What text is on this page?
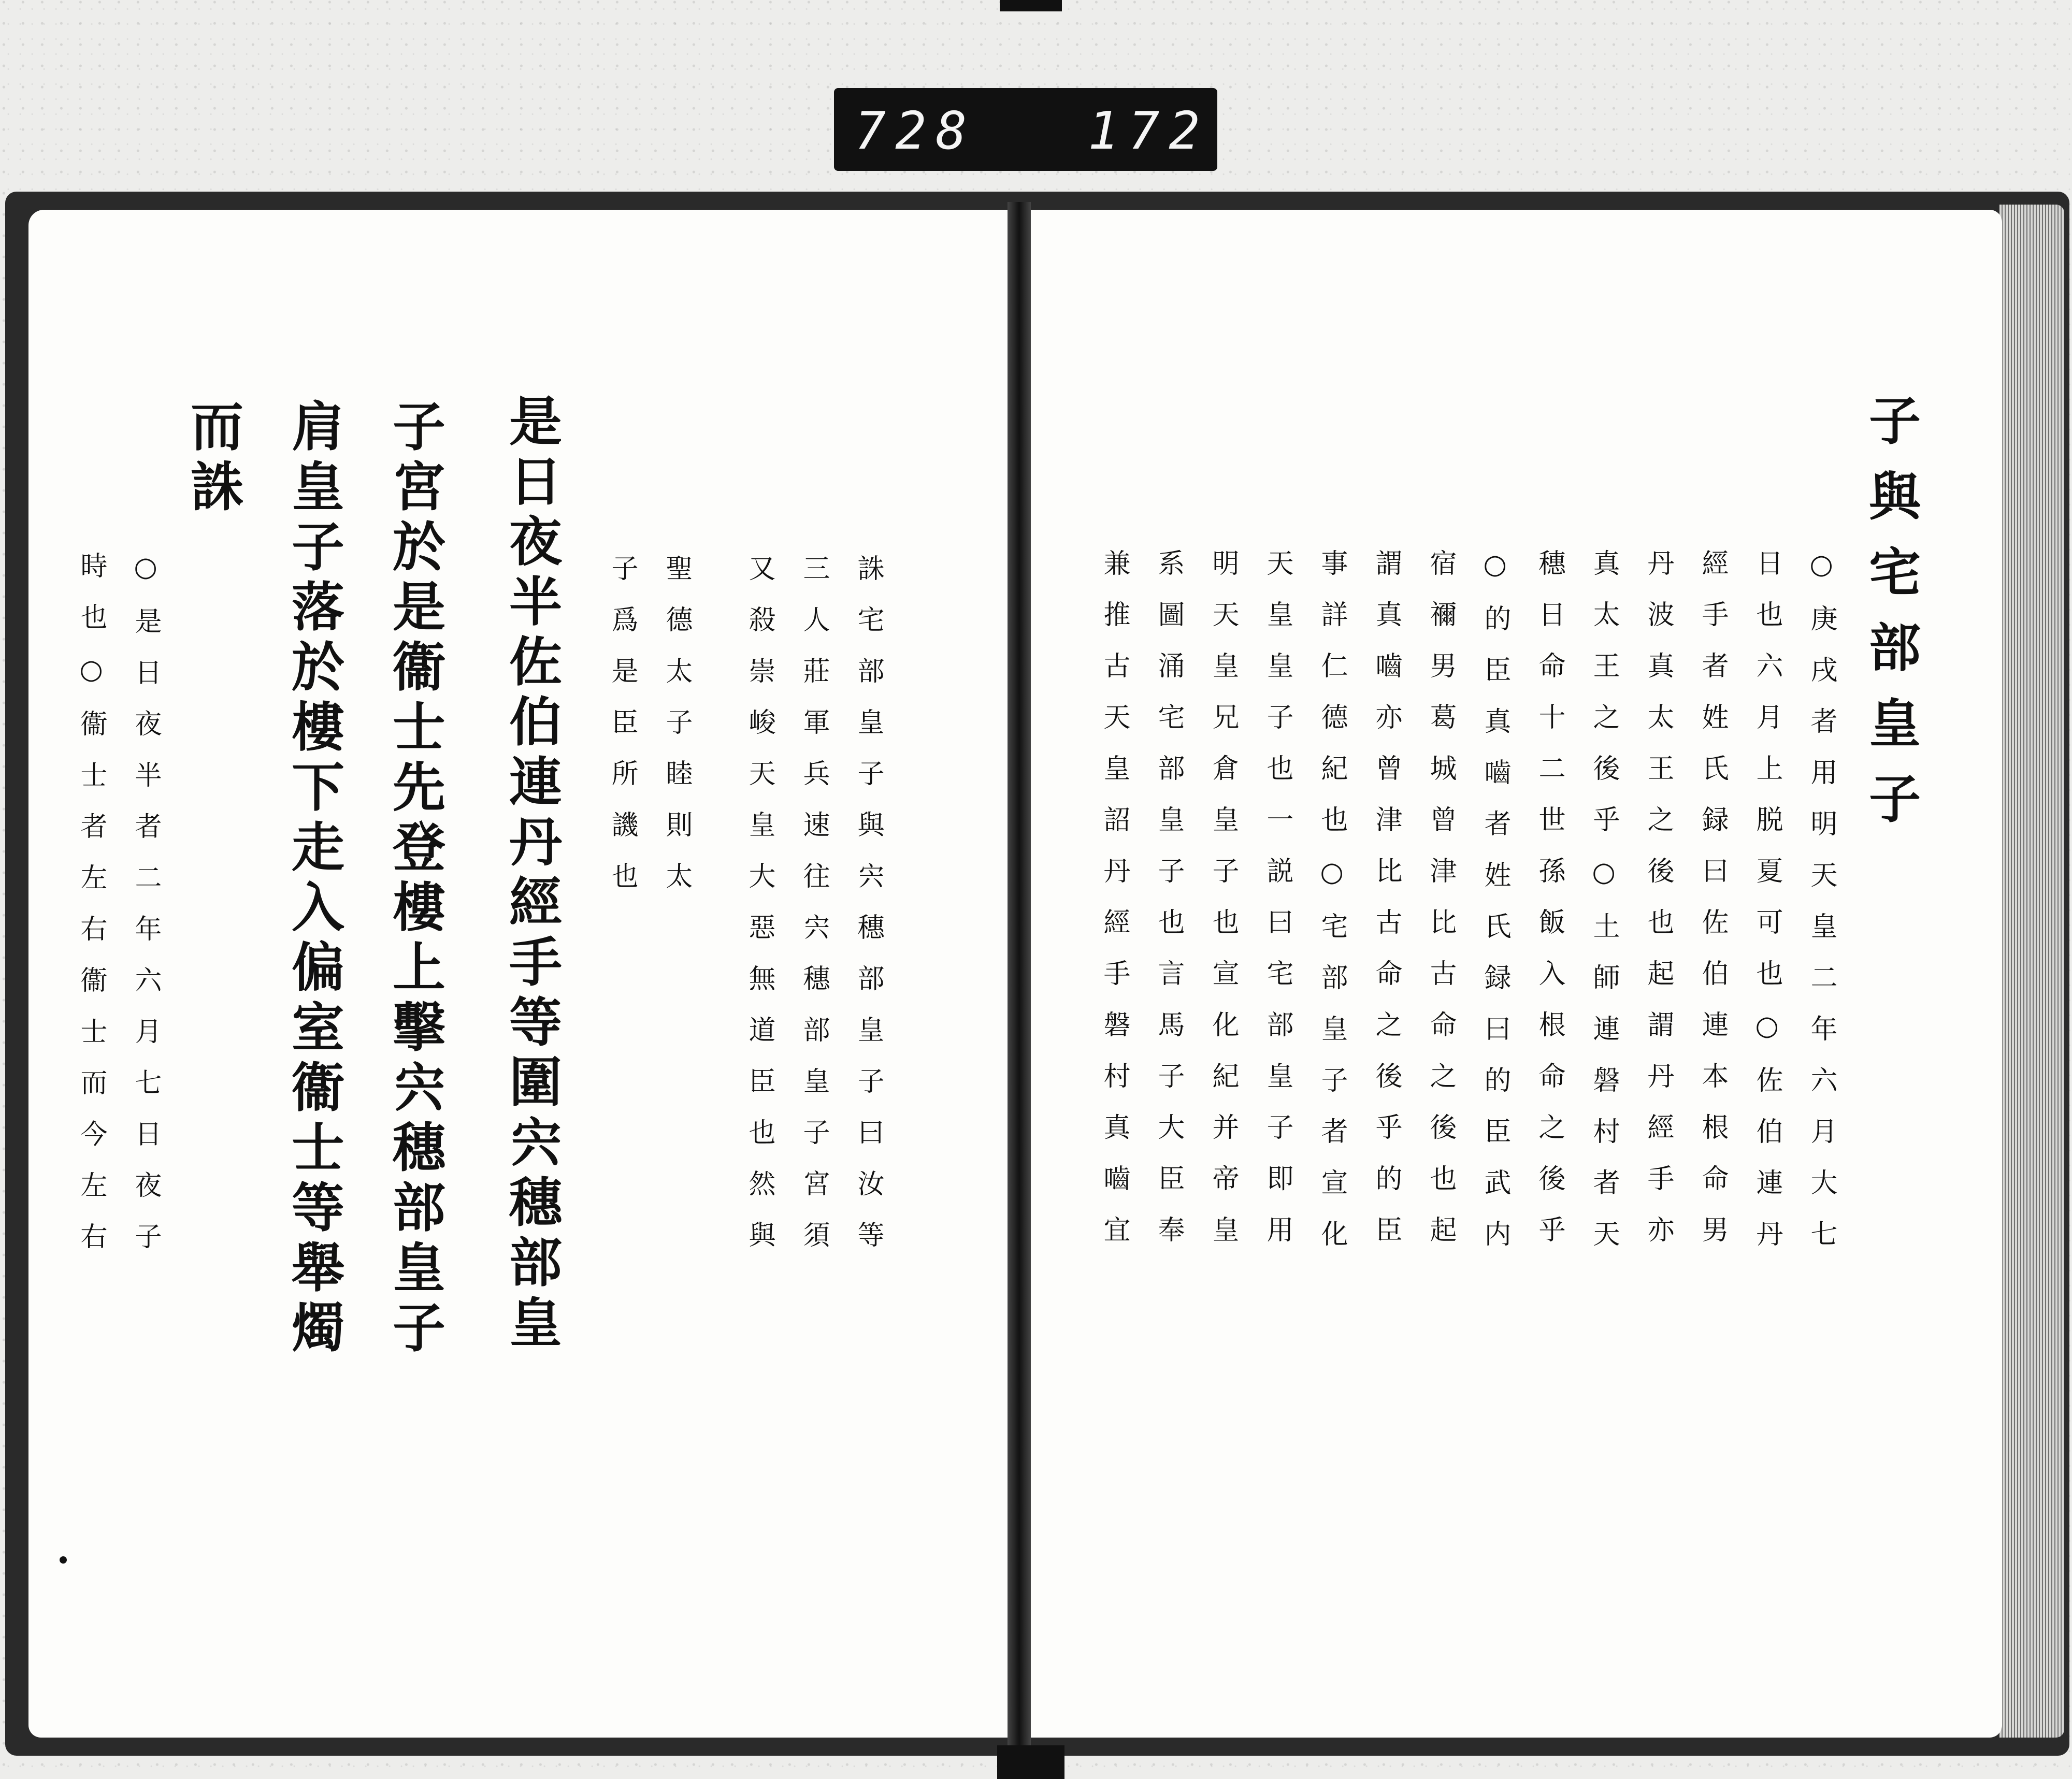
728 172
是日夜半佐伯連丹經手等圍宍穗部皇
子宮於是衞士先登樓上擊宍穗部皇子
肩皇子落於樓下走入偏室衞士等舉燭
而誅
誅宅部皇子與宍穗部皇子曰汝等
三人莊軍兵速往宍穗部皇子宮須
又殺崇峻天皇大惡無道臣也然與
聖德太子睦則太
子爲是臣所譏也
○是日夜半者二年六月七日夜子
時也○衞士者左右衞士而今左右	子與宅部皇子
○庚戌者用明天皇二年六月大七
日也六月上脱夏可也○佐伯連丹
經手者姓氏録曰佐伯連本根命男
丹波真太王之後也起謂丹經手亦
真太王之後乎○土師連磐村者天
穗日命十二世孫飯入根命之後乎
○的臣真嚙者姓氏録曰的臣武内
宿禰男葛城曾津比古命之後也起
謂真嚙亦曾津比古命之後乎的臣
事詳仁德紀也○宅部皇子者宣化
天皇皇子也一説曰宅部皇子即用
明天皇兄倉皇子也宣化紀并帝皇
系圖涌宅部皇子也言馬子大臣奉
兼推古天皇詔丹經手磐村真嚙宜
